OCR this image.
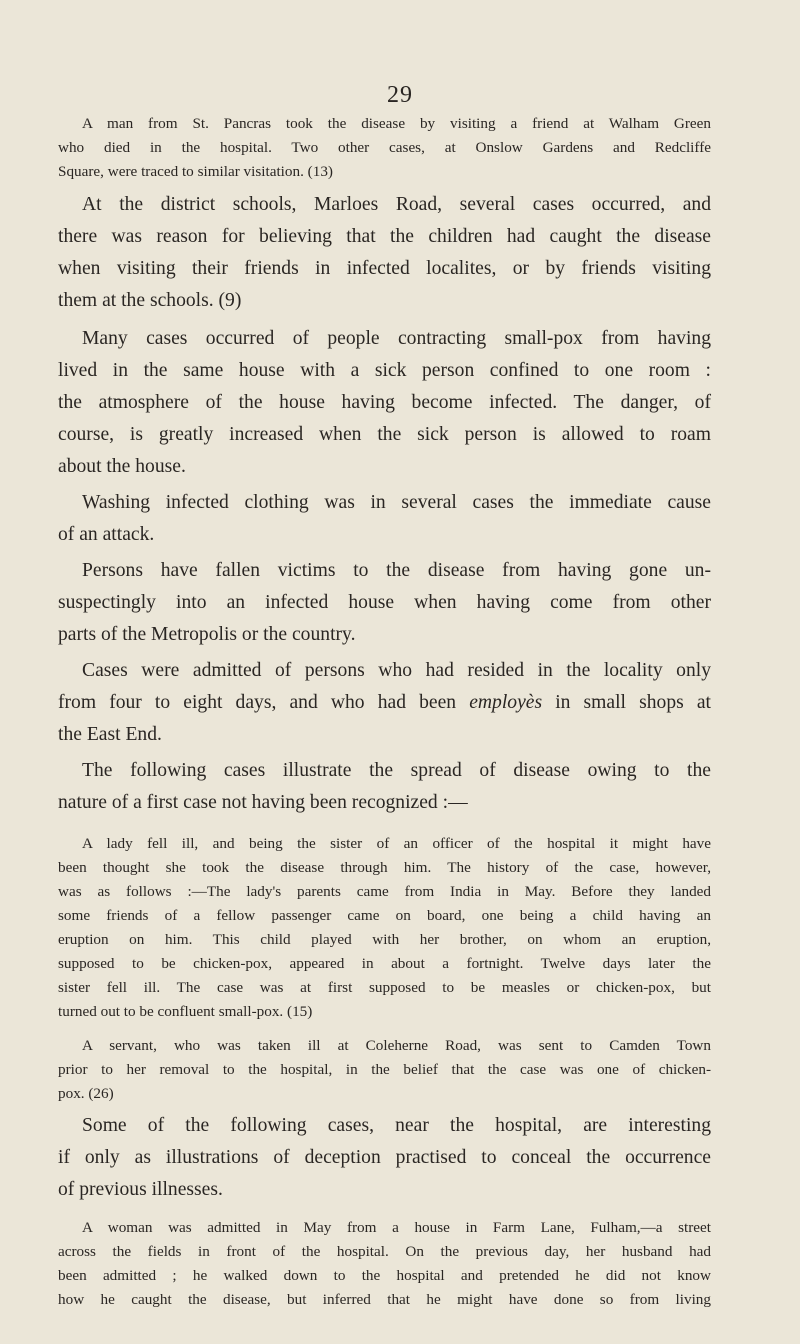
29

A man from St. Pancras took the disease by visiting a friend at Walham Green
who died in the hospital. Two other cases, at Onslow Gardens and Redcliffe
Square, were traced to similar visitation. (13)

At the district schools, Marloes Road, several cases occurred, and
there was reason for believing that the children had caught the disease
when visiting their friends in infected localites, or by friends visiting
them at the schools. (9)

Many cases occurred of people contracting small-pox from having
lived in the same house with a sick person confined to one room :
the atmosphere of the house having become infected. The danger, of
course, is greatly increased when the sick person is allowed to roam
about the house.

Washing infected clothing was in several cases the immediate cause
of an attack.

Persons have fallen victims to the disease from having gone un-
suspectingly into an infected house when having come from other
parts of the Metropolis or the country.

Cases were admitted of persons who had resided in the locality only
from four to eight days, and who had been employès in small shops at
the East End.

The following cases illustrate the spread of disease owing to the
nature of a first case not having been recognized :—

A lady fell ill, and being the sister of an officer of the hospital it might have
been thought she took the disease through him. The history of the case, however,
was as follows :—The lady's parents came from India in May. Before they landed
some friends of a fellow passenger came on board, one being a child having an
eruption on him. This child played with her brother, on whom an eruption,
supposed to be chicken-pox, appeared in about a fortnight. Twelve days later the
sister fell ill. The case was at first supposed to be measles or chicken-pox, but
turned out to be confluent small-pox. (15)

A servant, who was taken ill at Coleherne Road, was sent to Camden Town
prior to her removal to the hospital, in the belief that the case was one of chicken-
pox. (26)

Some of the following cases, near the hospital, are interesting
if only as illustrations of deception practised to conceal the occurrence
of previous illnesses.

A woman was admitted in May from a house in Farm Lane, Fulham,—a street
across the fields in front of the hospital. On the previous day, her husband had
been admitted ; he walked down to the hospital and pretended he did not know
how he caught the disease, but inferred that he might have done so from living
